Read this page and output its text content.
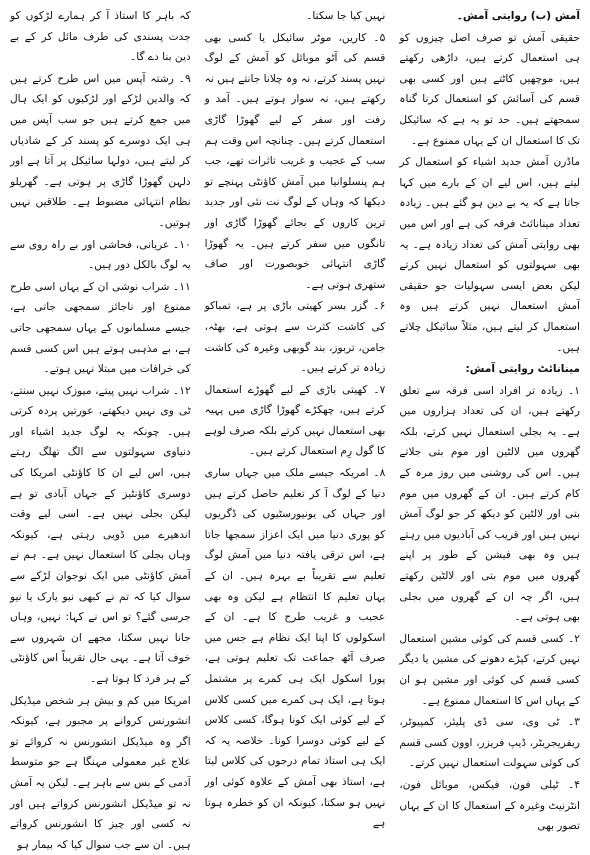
آمش (ب) روایتی آمش۔

حقیقی آمش تو صرف اصل چیزوں کو ہی استعمال کرتے ہیں، داڑھی رکھتے ہیں، موچھیں کاٹتے ہیں اور کسی بھی قسم کی آسائش کو استعمال کرنا گناہ سمجھتے ہیں۔ حد تو یہ ہے کہ سائیکل تک کا استعمال ان کے یہاں ممنوع ہے۔

ماڈرن آمش جدید اشیاء کو استعمال کر لیتے ہیں، اس لیے ان کے بارے میں کہا جاتا ہے کہ یہ بے دین ہو گئے ہیں۔ زیادہ تعداد مینانائٹ فرقہ کی ہے اور اس میں بھی روایتی آمش کی تعداد زیادہ ہے۔ یہ بھی سہولتوں کو استعمال نہیں کرتے لیکن بعض ایسی سہولیات جو حقیقی آمش استعمال نہیں کرتے ہیں وہ استعمال کر لیتے ہیں، مثلاً سائیکل چلاتے ہیں۔

مینانائٹ روایتی آمش:

۱۔ زیادہ تر افراد اسی فرقہ سے تعلق رکھتے ہیں، ان کی تعداد ہزاروں میں ہے۔ یہ بجلی استعمال نہیں کرتے، بلکہ گھروں میں لالٹین اور موم بتی جلاتے ہیں۔ اس کی روشنی میں روز مرہ کے کام کرتے ہیں۔ ان کے گھروں میں موم بتی اور لالٹین کو دیکھ کر جو لوگ آمش نہیں ہیں اور قریب کی آبادیوں میں رہتے ہیں وہ بھی فیشن کے طور پر اپنے گھروں میں موم بتی اور لالٹین رکھتے ہیں، اگر چہ ان کے گھروں میں بجلی بھی ہوتی ہے۔

۲۔ کسی قسم کی کوئی مشین استعمال نہیں کرتے، کپڑے دھونے کی مشین یا دیگر کسی قسم کی کوئی اور مشین ہو ان کے یہاں اس کا استعمال ممنوع ہے۔

۳۔ ٹی وی، سی ڈی پلیئر، کمپیوٹر، ریفریجریٹر، ڈیپ فریزر، اوون کسی قسم کی کوئی سہولت استعمال نہیں کرتے۔

۴۔ ٹیلی فون، فیکس، موبائل فون، انٹرنیٹ وغیرہ کے استعمال کا ان کے یہاں تصور بھی

نہیں کیا جا سکتا۔

۵۔ کاریں، موٹر سائیکل یا کسی بھی قسم کی آٹو موبائل کو آمش کے لوگ نہیں پسند کرتے، نہ وہ چلانا جانتے ہیں نہ رکھتے ہیں، نہ سوار ہوتے ہیں۔ آمد و رفت اور سفر کے لیے گھوڑا گاڑی استعمال کرتے ہیں۔ چنانچہ اس وقت ہم سب کے عجیب و غریب تاثرات تھے، جب ہم پنسلوانیا میں آمش کاؤنٹی پہنچے تو دیکھا کہ وہاں کے لوگ نت نئی اور جدید ترین کاروں کے بجائے گھوڑا گاڑی اور تانگوں میں سفر کرتے ہیں۔ یہ گھوڑا گاڑی انتہائی خوبصورت اور صاف ستھری ہوتی ہے۔

۶۔ گزر بسر کھیتی باڑی پر ہے، تمباکو کی کاشت کثرت سے ہوتی ہے، بھٹہ، جامن، تربوز، بند گوبھی وغیرہ کی کاشت زیادہ تر کرتے ہیں۔

۷۔ کھیتی باڑی کے لیے گھوڑے استعمال کرتے ہیں، چھکڑے گھوڑا گاڑی میں پہیہ بھی استعمال نہیں کرتے بلکہ صرف لوہے کا گول رِم استعمال کرتے ہیں۔

۸۔ امریکہ جیسے ملک میں جہاں ساری دنیا کے لوگ آ کر تعلیم حاصل کرتے ہیں اور جہاں کی یونیورسٹیوں کی ڈگریوں کو پوری دنیا میں ایک اعزاز سمجھا جاتا ہے، اس ترقی یافتہ دنیا میں آمش لوگ تعلیم سے تقریباً بے بہرہ ہیں۔ ان کے یہاں تعلیم کا انتظام ہے لیکن وہ بھی عجیب و غریب طرح کا ہے۔ ان کے اسکولوں کا اپنا ایک نظام ہے جس میں صرف آٹھ جماعت تک تعلیم ہوتی ہے، پورا اسکول ایک ہی کمرے پر مشتمل ہوتا ہے، ایک ہی کمرے میں کسی کلاس کے لیے کوئی ایک کونا ہوگا، کسی کلاس کے لیے کوئی دوسرا کونا۔ خلاصہ یہ کہ ایک ہی استاذ تمام درجوں کی کلاس لیتا ہے، استاذ بھی آمش کے علاوہ کوئی اور نہیں ہو سکتا، کیونکہ ان کو خطرہ ہوتا ہے

کہ باہر کا استاذ آ کر ہمارے لڑکوں کو جدت پسندی کی طرف مائل کر کے بے دین بنا دے گا۔

۹۔ رشتہ آپس میں اس طرح کرتے ہیں کہ والدین لڑکے اور لڑکیوں کو ایک ہال میں جمع کرتے ہیں جو سب آپس میں ہی ایک دوسرے کو پسند کر کے شادیاں کر لیتے ہیں، دولہا سائیکل پر آتا ہے اور دلہن گھوڑا گاڑی پر ہوتی ہے۔ گھریلو نظام انتہائی مضبوط ہے۔ طلاقیں نہیں ہوتیں۔

۱۰۔ عریانی، فحاشی اور بے راہ روی سے یہ لوگ بالکل دور ہیں۔

۱۱۔ شراب نوشی ان کے یہاں اسی طرح ممنوع اور ناجائز سمجھی جاتی ہے، جیسے مسلمانوں کے یہاں سمجھی جاتی ہے، بے مذہبی ہوتے ہیں اس کسی قسم کی خرافات میں مبتلا نہیں ہوتے۔

۱۲۔ شراب نہیں پیتے، میوزک نہیں سنتے، ٹی وی نہیں دیکھتے، عورتیں پردہ کرتی ہیں۔ چونکہ یہ لوگ جدید اشیاء اور دنیاوی سہولتوں سے الگ تھلگ رہتے ہیں، اس لیے ان کا کاؤنٹی امریکا کی دوسری کاؤنٹیز کے جہاں آبادی تو ہے لیکن بجلی نہیں ہے۔ اسی لیے وقت اندھیرے میں ڈوبی رہتی ہے، کیونکہ وہاں بجلی کا استعمال نہیں ہے۔ ہم نے آمش کاؤنٹی میں ایک نوجوان لڑکے سے سوال کیا کہ تم نے کبھی نیو یارک یا نیو جرسی گئے؟ تو اس نے کہا: نہیں، وہاں جانا نہیں سکتا، مجھے ان شہروں سے خوف آتا ہے۔ یہی حال تقریباً اس کاؤنٹی کے ہر فرد کا ہوتا ہے۔

امریکا میں کم و بیش ہر شخص میڈیکل انشورنس کروانے پر مجبور ہے، کیونکہ اگر وہ میڈیکل انشورنس نہ کروائے تو علاج غیر معمولی مہنگا ہے جو متوسط آدمی کے بس سے باہر ہے۔ لیکن یہ آمش نہ تو میڈیکل انشورنس کرواتے ہیں اور نہ کسی اور چیز کا انشورنس کرواتے ہیں۔ ان سے جب سوال کیا کہ بیمار ہو
